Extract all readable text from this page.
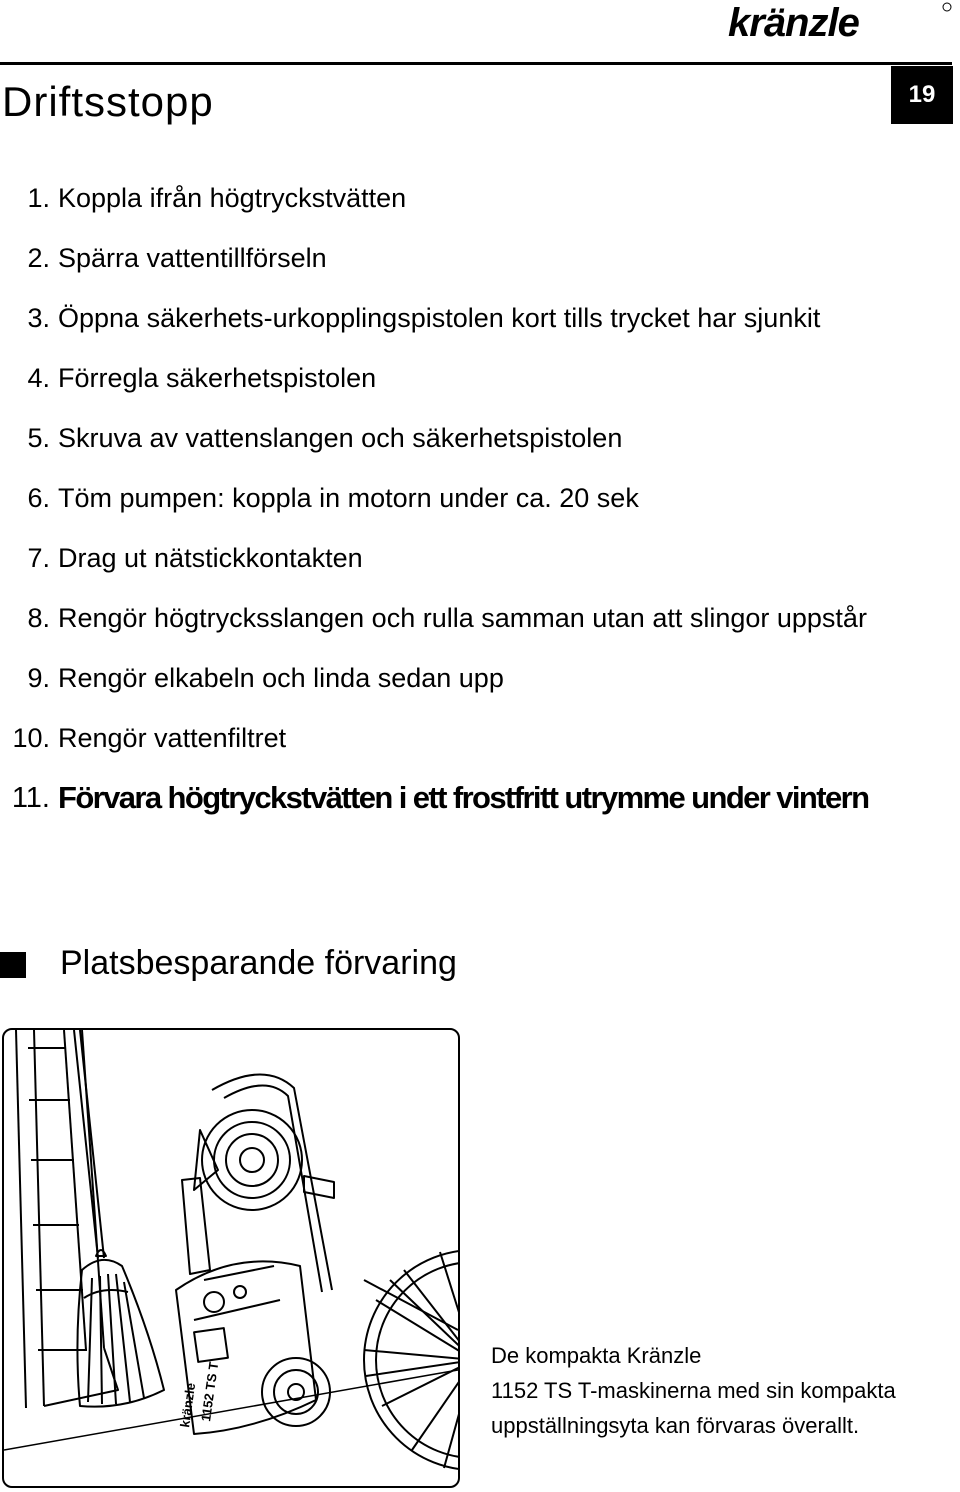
kränzle
19
Driftsstopp
1. Koppla ifrån högtryckstvätten
2. Spärra vattentillförseln
3. Öppna säkerhets-urkopplingspistolen kort tills trycket har sjunkit
4. Förregla säkerhetspistolen
5. Skruva av vattenslangen och säkerhetspistolen
6. Töm pumpen: koppla in motorn under ca. 20 sek
7. Drag ut nätstickkontakten
8. Rengör högtrycksslangen och rulla samman utan att slingor uppstår
9. Rengör elkabeln och linda sedan upp
10. Rengör vattenfiltret
11. Förvara högtryckstvätten i ett frostfritt utrymme under vintern
Platsbesparande förvaring
kränzle 1152 TS T
De kompakta Kränzle
1152 TS T-maskinerna med sin kompakta
uppställningsyta kan förvaras överallt.
